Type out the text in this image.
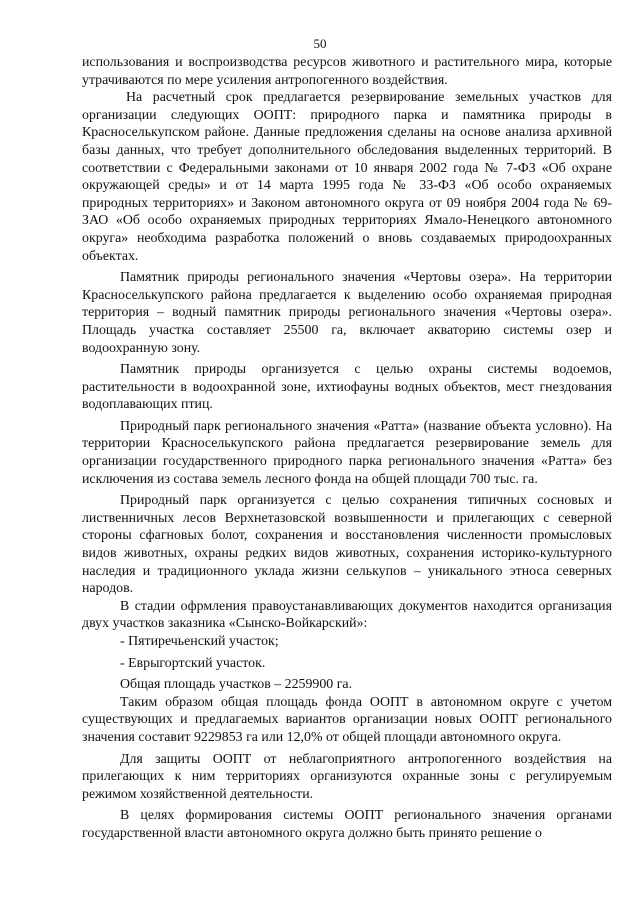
50

использования и воспроизводства ресурсов животного и растительного мира, которые утрачиваются по мере усиления антропогенного воздействия.

На расчетный срок предлагается резервирование земельных участков для организации следующих ООПТ: природного парка и памятника природы в Красноселькупском районе. Данные предложения сделаны на основе анализа архивной базы данных, что требует дополнительного обследования выделенных территорий. В соответствии с Федеральными законами от 10 января 2002 года № 7-ФЗ «Об охране окружающей среды» и от 14 марта 1995 года № 33-ФЗ «Об особо охраняемых природных территориях» и Законом автономного округа от 09 ноября 2004 года № 69-ЗАО «Об особо охраняемых природных территориях Ямало-Ненецкого автономного округа» необходима разработка положений о вновь создаваемых природоохранных объектах.

Памятник природы регионального значения «Чертовы озера». На территории Красноселькупского района предлагается к выделению особо охраняемая природная территория – водный памятник природы регионального значения «Чертовы озера». Площадь участка составляет 25500 га, включает акваторию системы озер и водоохранную зону.

Памятник природы организуется с целью охраны системы водоемов, растительности в водоохранной зоне, ихтиофауны водных объектов, мест гнездования водоплавающих птиц.

Природный парк регионального значения «Ратта» (название объекта условно). На территории Красноселькупского района предлагается резервирование земель для организации государственного природного парка регионального значения «Ратта» без исключения из состава земель лесного фонда на общей площади 700 тыс. га.

Природный парк организуется с целью сохранения типичных сосновых и лиственничных лесов Верхнетазовской возвышенности и прилегающих с северной стороны сфагновых болот, сохранения и восстановления численности промысловых видов животных, охраны редких видов животных, сохранения историко-культурного наследия и традиционного уклада жизни селькупов – уникального этноса северных народов.

В стадии офрмления правоустанавливающих документов находится организация двух участков заказника «Сынско-Войкарский»:

- Пятиречьенский участок;

- Еврыгортский участок.

Общая площадь участков – 2259900 га.

Таким образом общая площадь фонда ООПТ в автономном округе с учетом существующих и предлагаемых вариантов организации новых ООПТ регионального значения составит 9229853 га или 12,0% от общей площади автономного округа.

Для защиты ООПТ от неблагоприятного антропогенного воздействия на прилегающих к ним территориях организуются охранные зоны с регулируемым режимом хозяйственной деятельности.

В целях формирования системы ООПТ регионального значения органами государственной власти автономного округа должно быть принято решение о
